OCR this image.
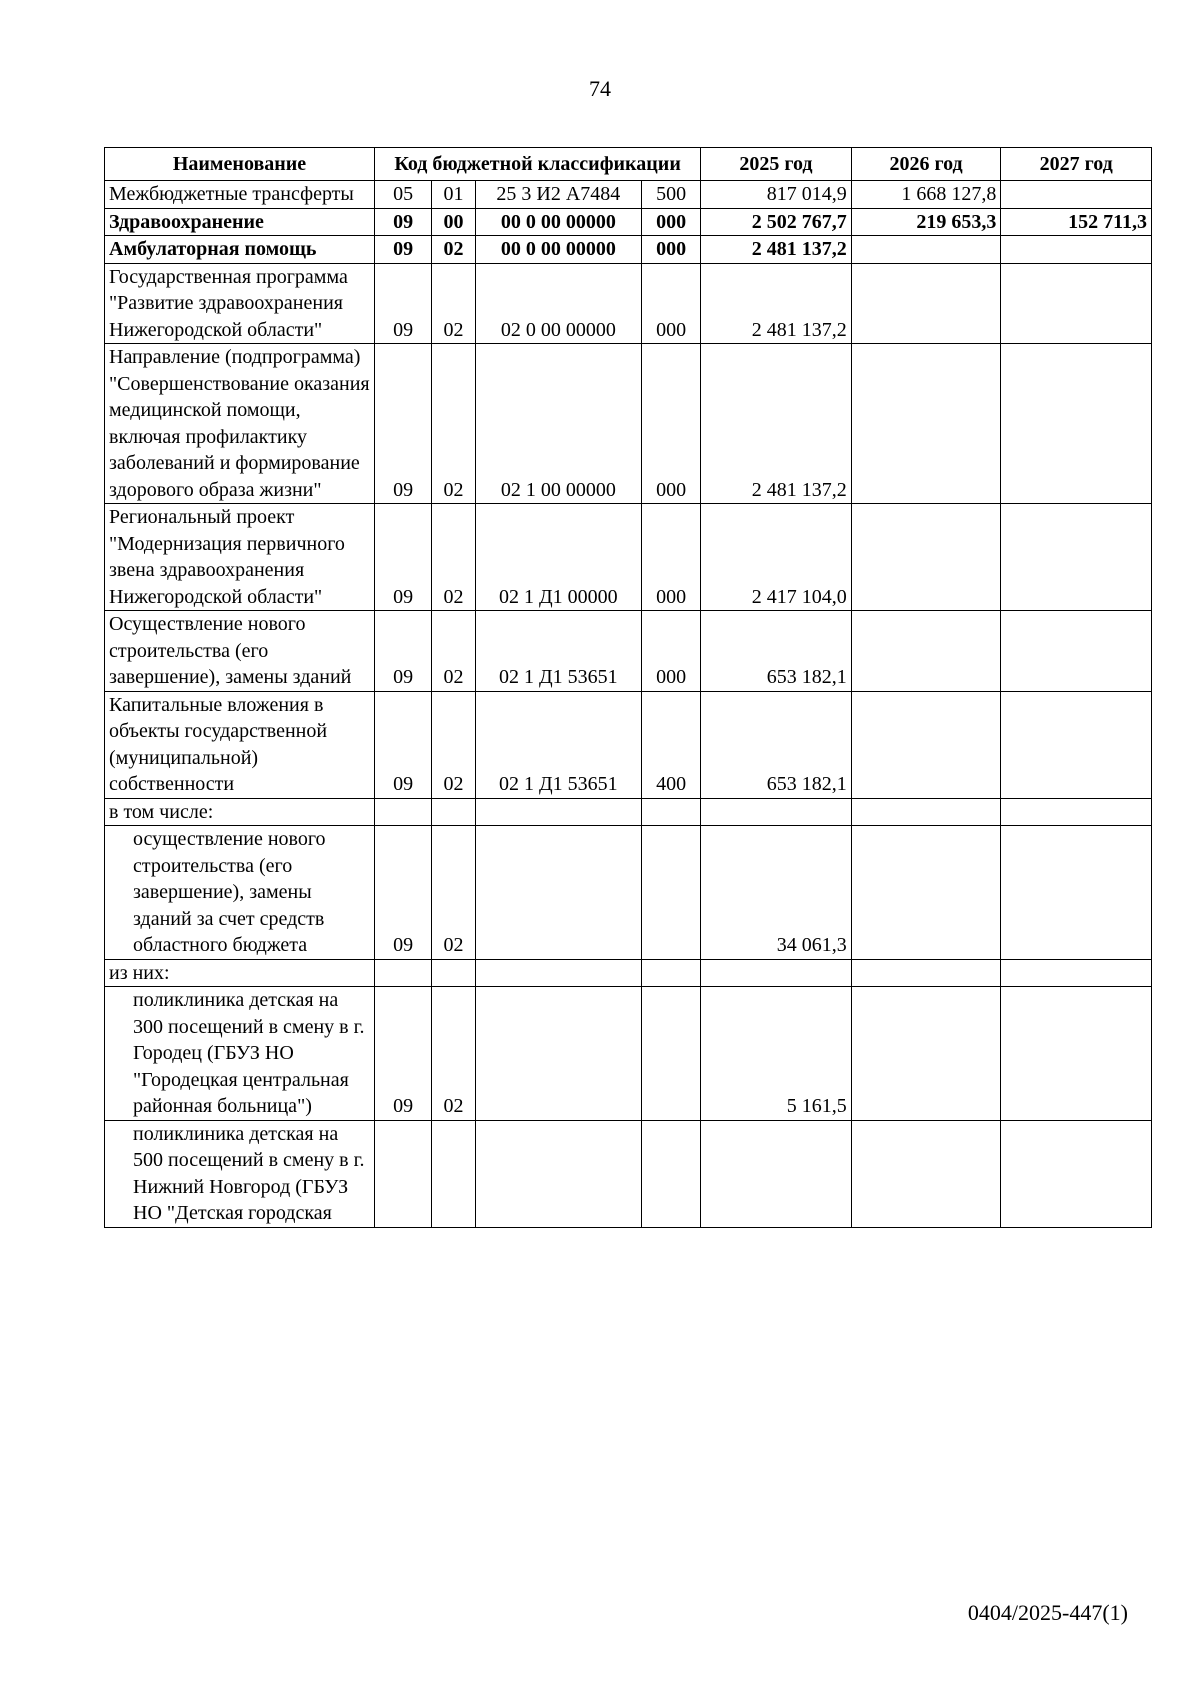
74
Наименование	Код бюджетной классификации				2025 год	2026 год	2027 год
Межбюджетные трансферты	05	01	25 3 И2 А7484	500	817 014,9	1 668 127,8	
Здравоохранение	09	00	00 0 00 00000	000	2 502 767,7	219 653,3	152 711,3
Амбулаторная помощь	09	02	00 0 00 00000	000	2 481 137,2		
Государственная программа "Развитие здравоохранения Нижегородской области"	09	02	02 0 00 00000	000	2 481 137,2		
Направление (подпрограмма) "Совершенствование оказания медицинской помощи, включая профилактику заболеваний и формирование здорового образа жизни"	09	02	02 1 00 00000	000	2 481 137,2		
Региональный проект "Модернизация первичного звена здравоохранения Нижегородской области"	09	02	02 1 Д1 00000	000	2 417 104,0		
Осуществление нового строительства (его завершение), замены зданий	09	02	02 1 Д1 53651	000	653 182,1		
Капитальные вложения в объекты государственной (муниципальной) собственности	09	02	02 1 Д1 53651	400	653 182,1		
в том числе:							
осуществление нового строительства (его завершение), замены зданий за счет средств областного бюджета	09	02			34 061,3		
из них:							
поликлиника детская на 300 посещений в смену в г. Городец (ГБУЗ НО "Городецкая центральная районная больница")	09	02			5 161,5		
поликлиника детская на 500 посещений в смену в г. Нижний Новгород (ГБУЗ НО "Детская городская							
0404/2025-447(1)
